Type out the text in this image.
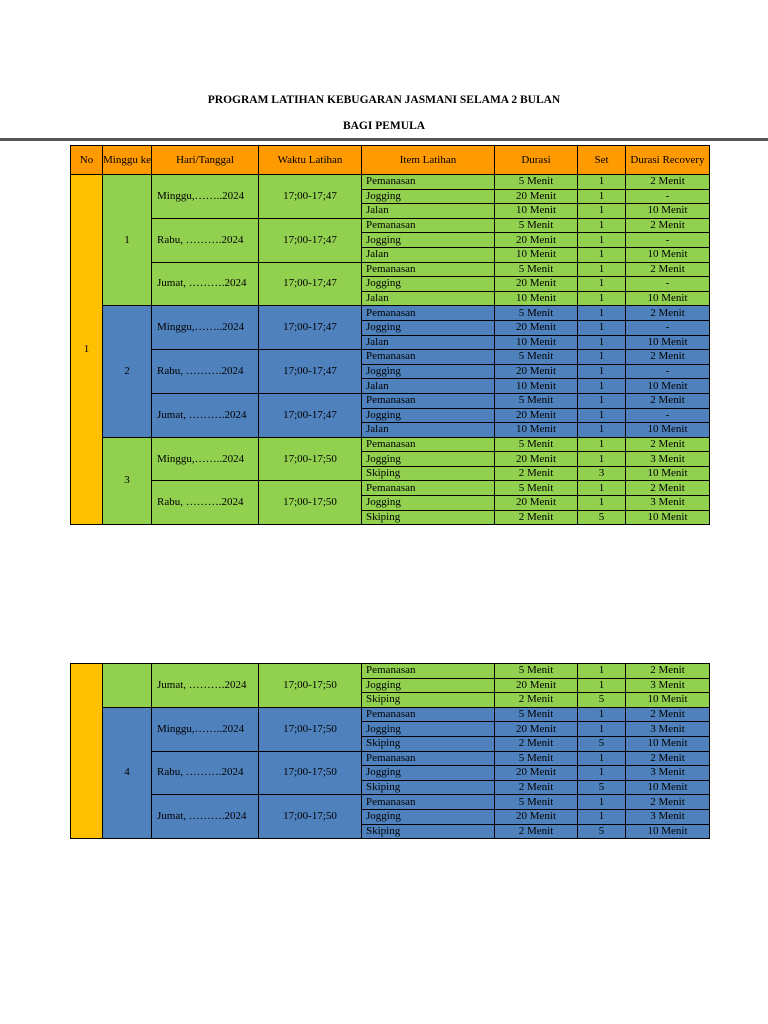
PROGRAM LATIHAN KEBUGARAN JASMANI SELAMA 2 BULAN
BAGI PEMULA
No	Minggu ke	Hari/Tanggal	Waktu Latihan	Item Latihan	Durasi	Set	Durasi Recovery
1	1	Minggu,……..2024	17;00-17;47	Pemanasan	5 Menit	1	2 Menit
				Jogging	20 Menit	1	-
				Jalan	10 Menit	1	10 Menit
		Rabu, ……….2024	17;00-17;47	Pemanasan	5 Menit	1	2 Menit
				Jogging	20 Menit	1	-
				Jalan	10 Menit	1	10 Menit
		Jumat, ……….2024	17;00-17;47	Pemanasan	5 Menit	1	2 Menit
				Jogging	20 Menit	1	-
				Jalan	10 Menit	1	10 Menit
	2	Minggu,……..2024	17;00-17;47	Pemanasan	5 Menit	1	2 Menit
				Jogging	20 Menit	1	-
				Jalan	10 Menit	1	10 Menit
		Rabu, ……….2024	17;00-17;47	Pemanasan	5 Menit	1	2 Menit
				Jogging	20 Menit	1	-
				Jalan	10 Menit	1	10 Menit
		Jumat, ……….2024	17;00-17;47	Pemanasan	5 Menit	1	2 Menit
				Jogging	20 Menit	1	-
				Jalan	10 Menit	1	10 Menit
	3	Minggu,……..2024	17;00-17;50	Pemanasan	5 Menit	1	2 Menit
				Jogging	20 Menit	1	3 Menit
				Skiping	2 Menit	3	10 Menit
		Rabu, ……….2024	17;00-17;50	Pemanasan	5 Menit	1	2 Menit
				Jogging	20 Menit	1	3 Menit
				Skiping	2 Menit	5	10 Menit
		Jumat, ……….2024	17;00-17;50	Pemanasan	5 Menit	1	2 Menit
				Jogging	20 Menit	1	3 Menit
				Skiping	2 Menit	5	10 Menit
	4	Minggu,……..2024	17;00-17;50	Pemanasan	5 Menit	1	2 Menit
				Jogging	20 Menit	1	3 Menit
				Skiping	2 Menit	5	10 Menit
		Rabu, ……….2024	17;00-17;50	Pemanasan	5 Menit	1	2 Menit
				Jogging	20 Menit	1	3 Menit
				Skiping	2 Menit	5	10 Menit
		Jumat, ……….2024	17;00-17;50	Pemanasan	5 Menit	1	2 Menit
				Jogging	20 Menit	1	3 Menit
				Skiping	2 Menit	5	10 Menit
